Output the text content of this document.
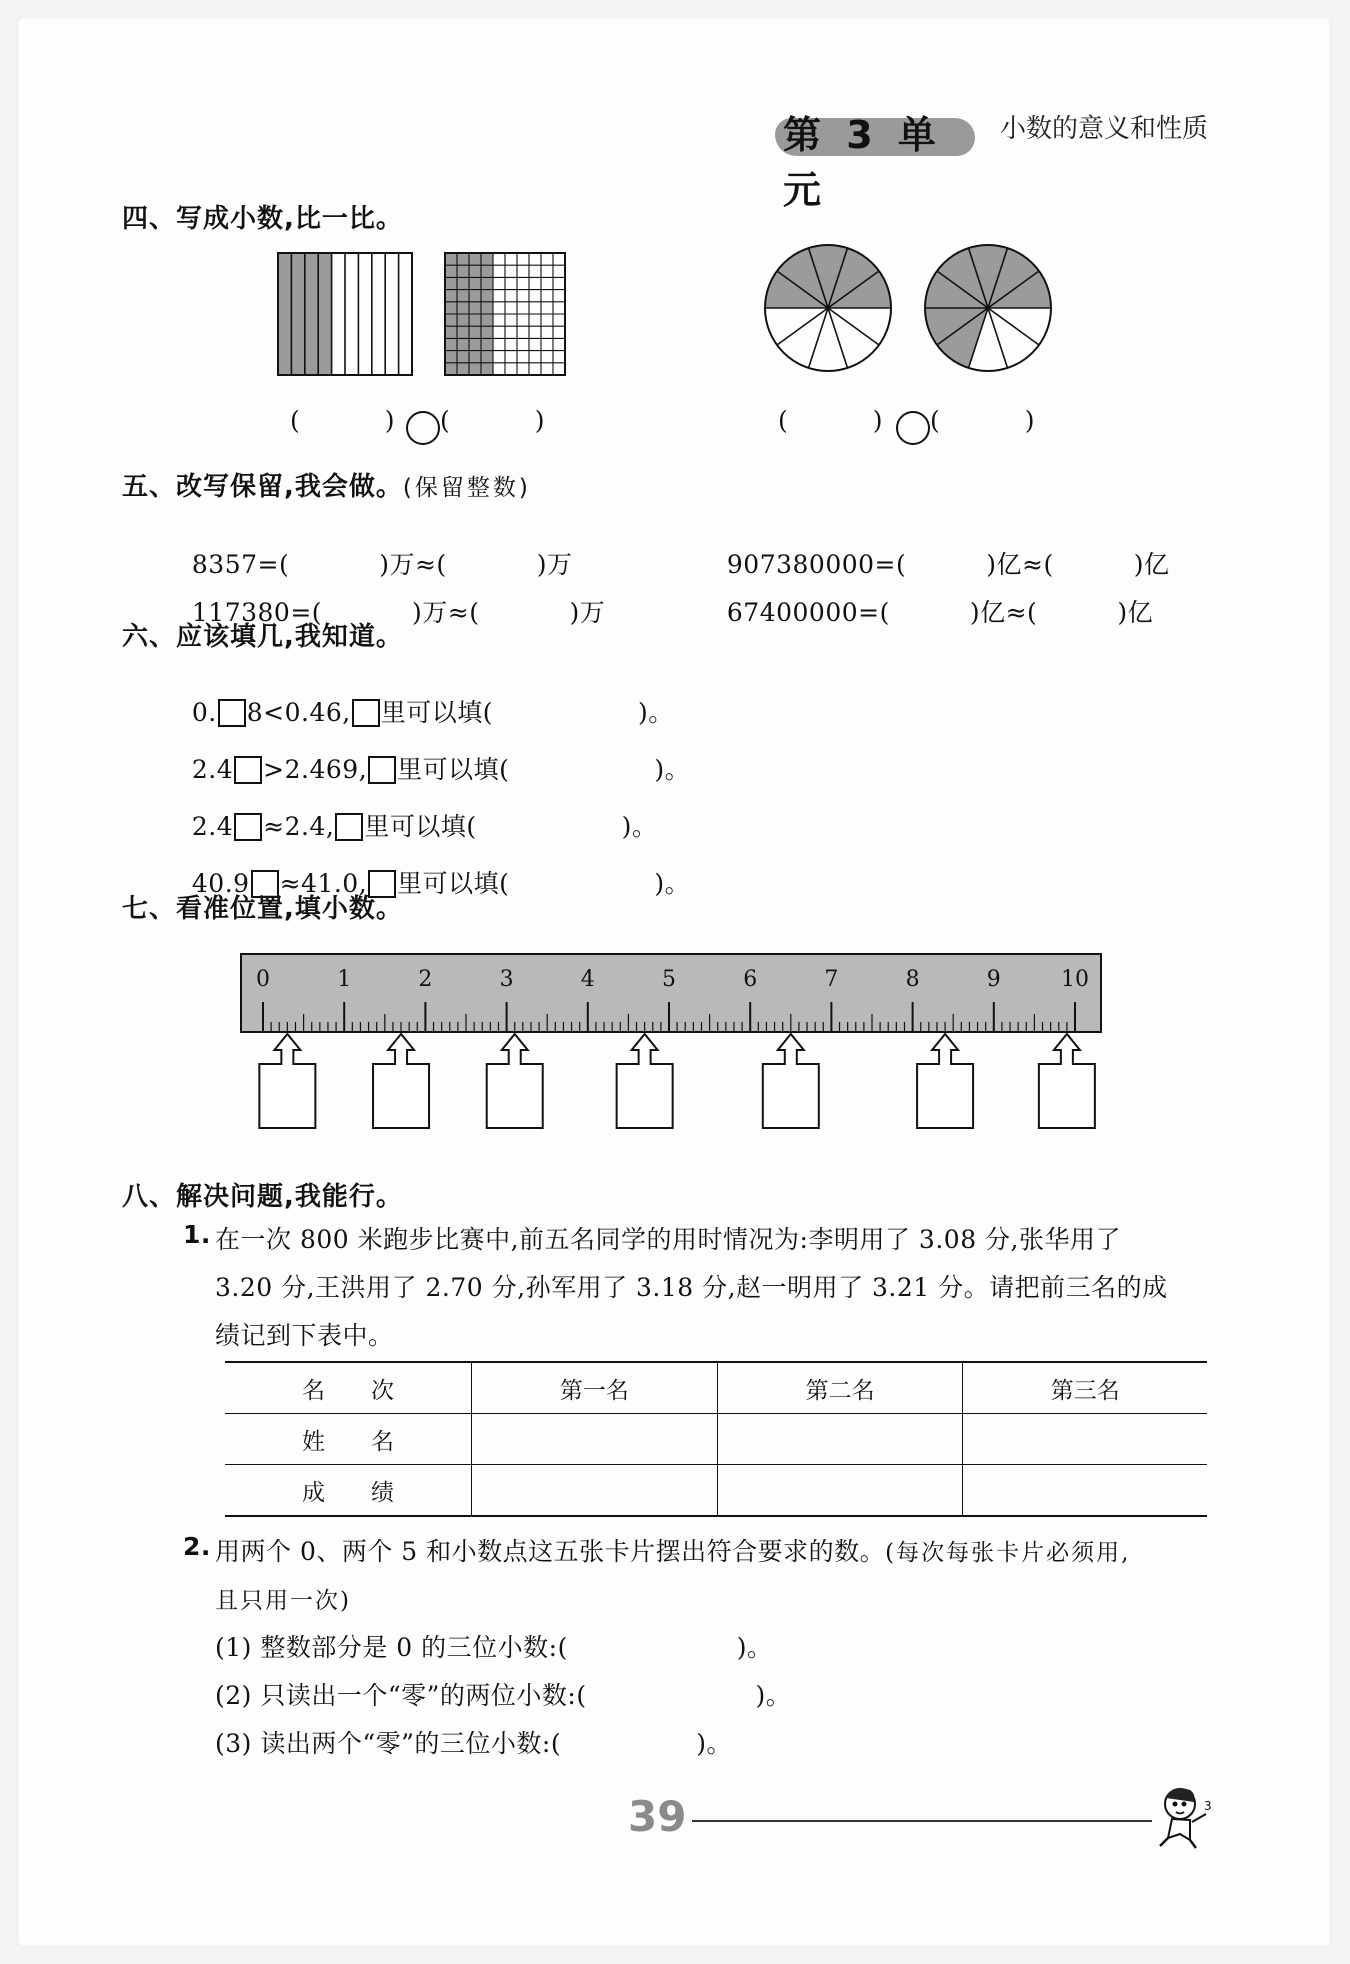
第 3 单元
小数的意义和性质
四、写成小数,比一比。
(          ) (          )	(          ) (          )
五、改写保留,我会做。(保留整数)

8357=(	)万≈(	)万

117380=(	)万≈(	)万

907380000=(	)亿≈(	)亿

67400000=(	)亿≈(	)亿

六、应该填几,我知道。

0. 8<0.46, 里可以填(	)。

2.4 >2.469, 里可以填(	)。

2.4 ≈2.4, 里可以填(	)。

40.9 ≈41.0, 里可以填(	)。

七、看准位置,填小数。
0	1	2	3	4	5	6	7	8	9	10
八、解决问题,我能行。
1. 在一次 800 米跑步比赛中,前五名同学的用时情况为:李明用了 3.08 分,张华用了
3.20 分,王洪用了 2.70 分,孙军用了 3.18 分,赵一明用了 3.21 分。请把前三名的成
绩记到下表中。
名　　次	第一名	第二名	第三名
姓　　名			
成　　绩			
2. 用两个 0、两个 5 和小数点这五张卡片摆出符合要求的数。(每次每张卡片必须用,
且只用一次)
(1) 整数部分是 0 的三位小数:(                    )。
(2) 只读出一个“零”的两位小数:(                    )。
(3) 读出两个“零”的三位小数:(                )。
39	3
